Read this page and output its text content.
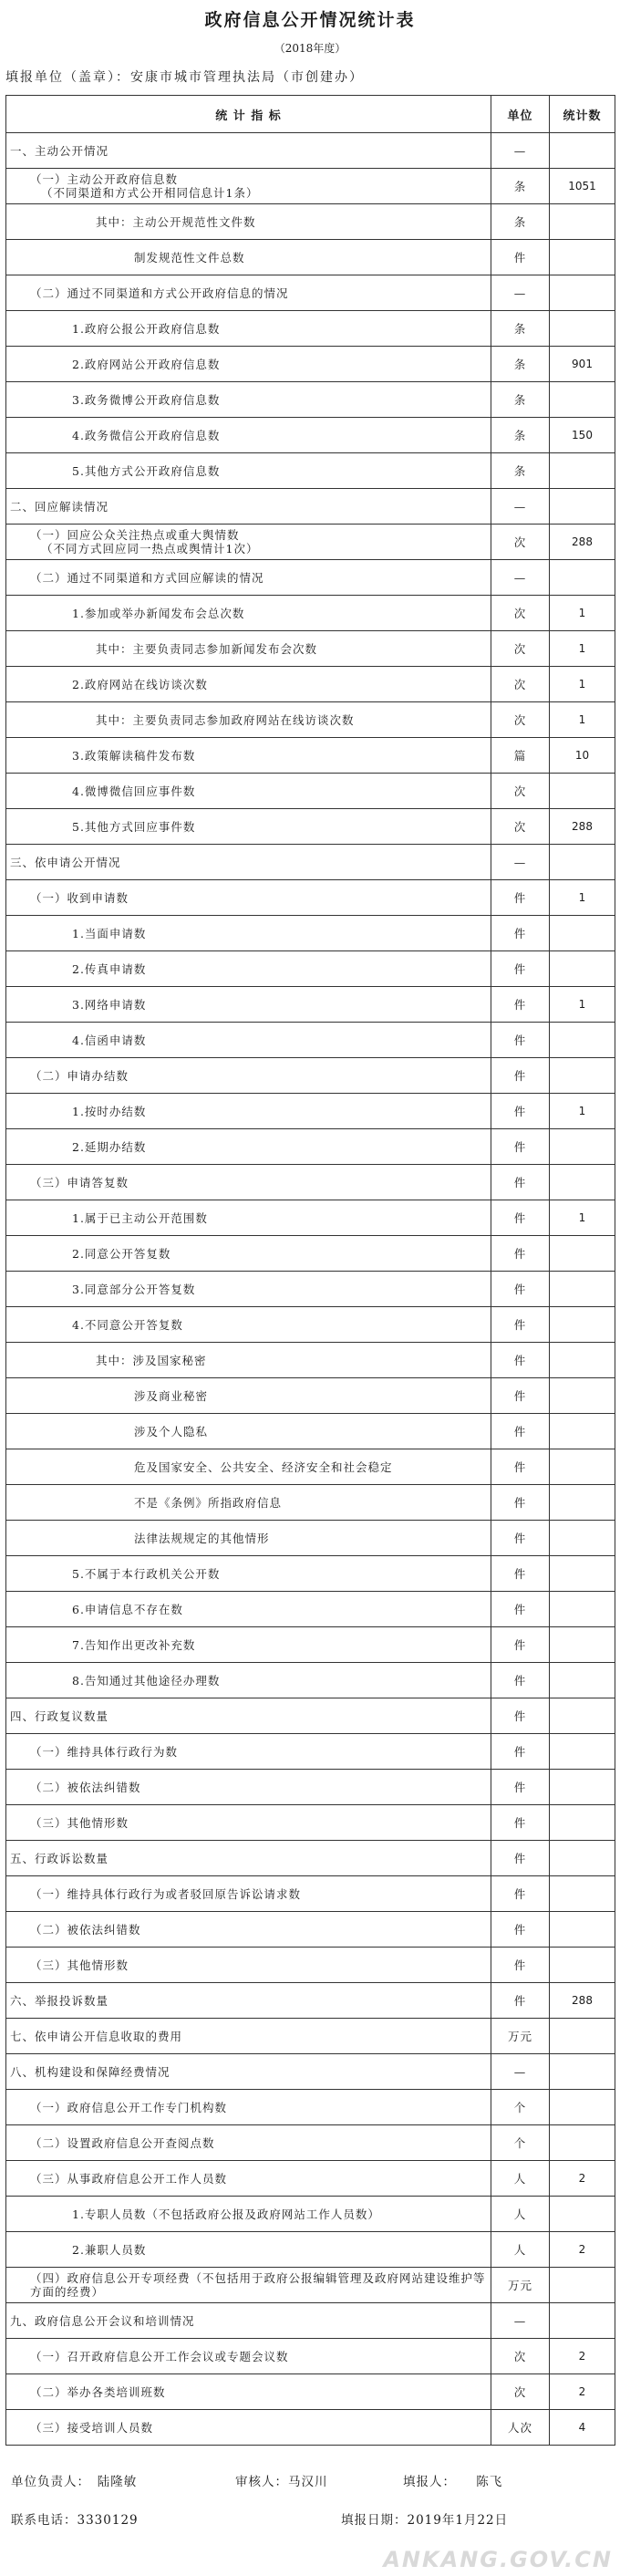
政府信息公开情况统计表
（2018年度）
填报单位（盖章）：安康市城市管理执法局（市创建办）
统 计 指 标	单位	统计数
一、主动公开情况	—	

（一）主动公开政府信息数
（不同渠道和方式公开相同信息计1条）	条	1051
其中：主动公开规范性文件数	条	
制发规范性文件总数	件	
（二）通过不同渠道和方式公开政府信息的情况	—	
1.政府公报公开政府信息数	条	
2.政府网站公开政府信息数	条	901
3.政务微博公开政府信息数	条	
4.政务微信公开政府信息数	条	150
5.其他方式公开政府信息数	条	
二、回应解读情况	—	

（一）回应公众关注热点或重大舆情数
（不同方式回应同一热点或舆情计1次）	次	288
（二）通过不同渠道和方式回应解读的情况	—	
1.参加或举办新闻发布会总次数	次	1
其中：主要负责同志参加新闻发布会次数	次	1
2.政府网站在线访谈次数	次	1
其中：主要负责同志参加政府网站在线访谈次数	次	1
3.政策解读稿件发布数	篇	10
4.微博微信回应事件数	次	
5.其他方式回应事件数	次	288
三、依申请公开情况	—	
（一）收到申请数	件	1
1.当面申请数	件	
2.传真申请数	件	
3.网络申请数	件	1
4.信函申请数	件	
（二）申请办结数	件	
1.按时办结数	件	1
2.延期办结数	件	
（三）申请答复数	件	
1.属于已主动公开范围数	件	1
2.同意公开答复数	件	
3.同意部分公开答复数	件	
4.不同意公开答复数	件	
其中：涉及国家秘密	件	
涉及商业秘密	件	
涉及个人隐私	件	
危及国家安全、公共安全、经济安全和社会稳定	件	
不是《条例》所指政府信息	件	
法律法规规定的其他情形	件	
5.不属于本行政机关公开数	件	
6.申请信息不存在数	件	
7.告知作出更改补充数	件	
8.告知通过其他途径办理数	件	
四、行政复议数量	件	
（一）维持具体行政行为数	件	
（二）被依法纠错数	件	
（三）其他情形数	件	
五、行政诉讼数量	件	
（一）维持具体行政行为或者驳回原告诉讼请求数	件	
（二）被依法纠错数	件	
（三）其他情形数	件	
六、举报投诉数量	件	288
七、依申请公开信息收取的费用	万元	
八、机构建设和保障经费情况	—	
（一）政府信息公开工作专门机构数	个	
（二）设置政府信息公开查阅点数	个	
（三）从事政府信息公开工作人员数	人	2
1.专职人员数（不包括政府公报及政府网站工作人员数）	人	
2.兼职人员数	人	2
（四）政府信息公开专项经费（不包括用于政府公报编辑管理及政府网站建设维护等方面的经费）	万元	
九、政府信息公开会议和培训情况	—	
（一）召开政府信息公开工作会议或专题会议数	次	2
（二）举办各类培训班数	次	2
（三）接受培训人员数	人次	4
单位负责人：　陆隆敏	审核人：马汉川	填报人：　　陈飞
联系电话：3330129	填报日期：2019年1月22日
ANKANG.GOV.CN
